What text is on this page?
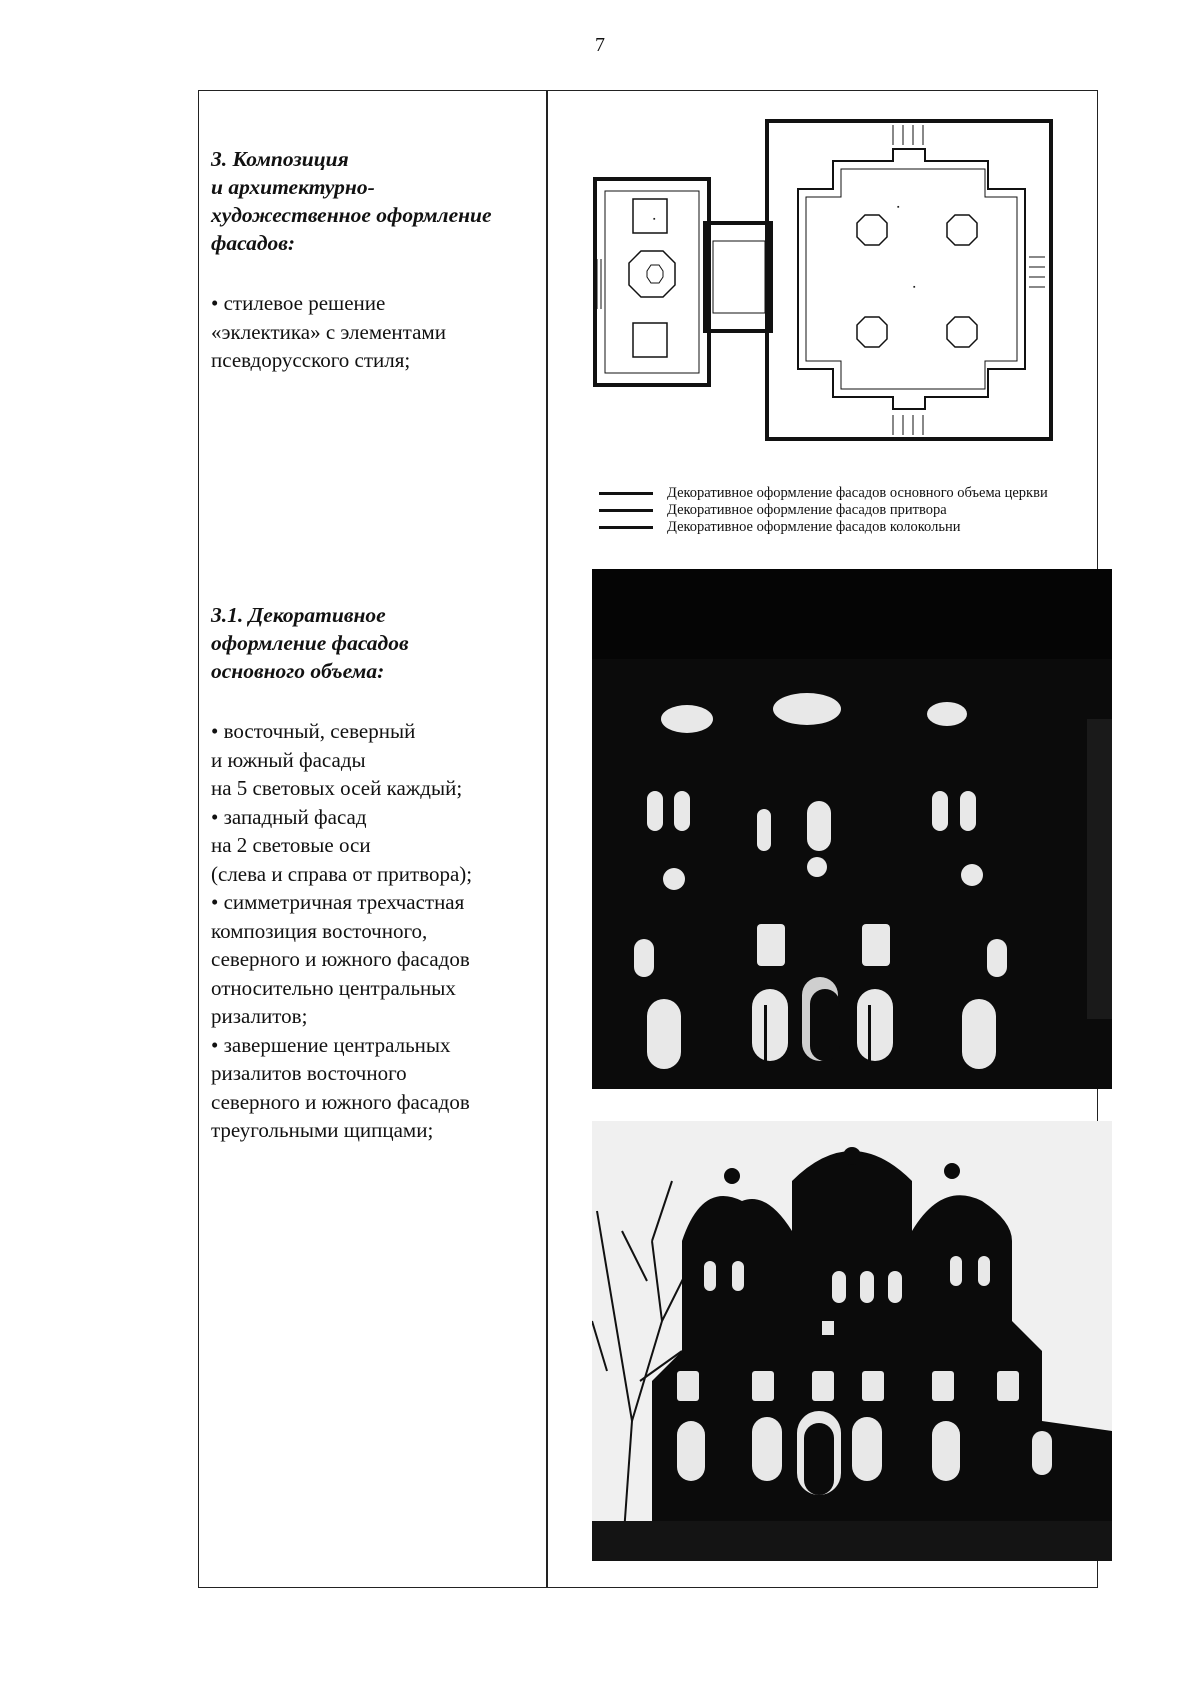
7

3. Композиция
и архитектурно-
художественное оформление
фасадов:

• стилевое решение
«эклектика» с элементами
псевдорусского стиля;

3.1. Декоративное
оформление фасадов
основного объема:

• восточный, северный
и южный фасады
на 5 световых осей каждый;

• западный фасад
на 2 световые оси
(слева и справа от притвора);

• симметричная трехчастная
композиция восточного,
северного и южного фасадов
относительно центральных
ризалитов;

• завершение центральных
ризалитов восточного
северного и южного фасадов
треугольными щипцами;

▪
▪
▪
Декоративное оформление фасадов основного объема церкви
Декоративное оформление фасадов притвора
Декоративное оформление фасадов колокольни
